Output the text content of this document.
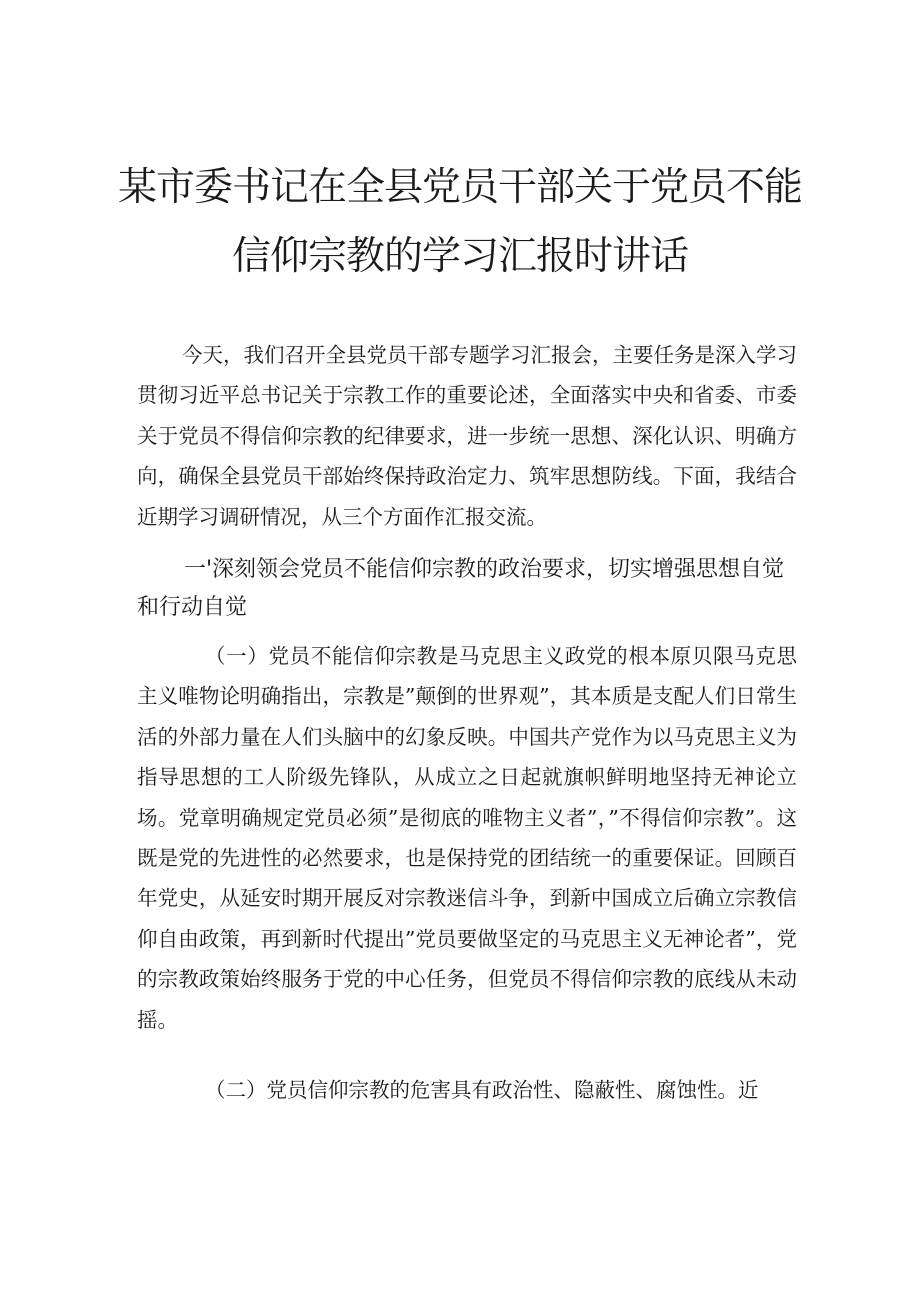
某市委书记在全县党员干部关于党员不能
信仰宗教的学习汇报时讲话

今天，我们召开全县党员干部专题学习汇报会，主要任务是深入学习贯彻习近平总书记关于宗教工作的重要论述，全面落实中央和省委、市委关于党员不得信仰宗教的纪律要求，进一步统一思想、深化认识、明确方向，确保全县党员干部始终保持政治定力、筑牢思想防线。下面，我结合近期学习调研情况，从三个方面作汇报交流。

一'深刻领会党员不能信仰宗教的政治要求，切实增强思想自觉和行动自觉

（一）党员不能信仰宗教是马克思主义政党的根本原贝限马克思主义唯物论明确指出，宗教是”颠倒的世界观”，其本质是支配人们日常生活的外部力量在人们头脑中的幻象反映。中国共产党作为以马克思主义为指导思想的工人阶级先锋队，从成立之日起就旗帜鲜明地坚持无神论立场。党章明确规定党员必须”是彻底的唯物主义者”，”不得信仰宗教”。这既是党的先进性的必然要求，也是保持党的团结统一的重要保证。回顾百年党史，从延安时期开展反对宗教迷信斗争，到新中国成立后确立宗教信仰自由政策，再到新时代提出”党员要做坚定的马克思主义无神论者”，党的宗教政策始终服务于党的中心任务，但党员不得信仰宗教的底线从未动摇。

（二）党员信仰宗教的危害具有政治性、隐蔽性、腐蚀性。近
